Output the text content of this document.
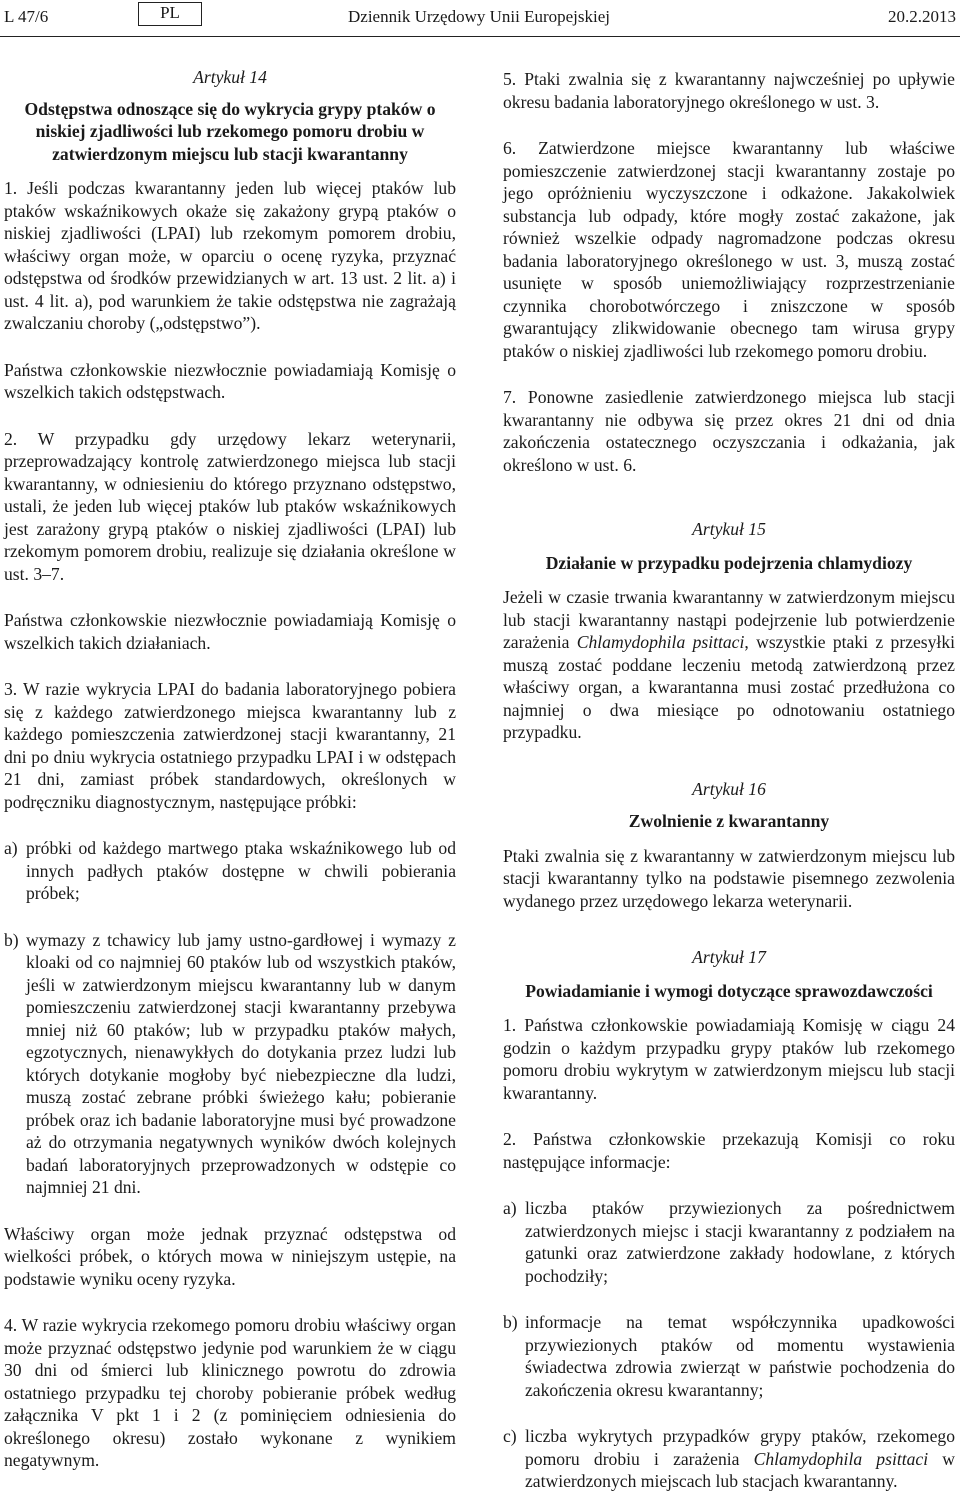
L 47/6	PL	Dziennik Urzędowy Unii Europejskiej	20.2.2013

Artykuł 14

Odstępstwa odnoszące się do wykrycia grypy ptaków o niskiej zjadliwości lub rzekomego pomoru drobiu w zatwierdzonym miejscu lub stacji kwarantanny

1. Jeśli podczas kwarantanny jeden lub więcej ptaków lub ptaków wskaźnikowych okaże się zakażony grypą ptaków o niskiej zjadliwości (LPAI) lub rzekomym pomorem drobiu, właściwy organ może, w oparciu o ocenę ryzyka, przyznać odstępstwa od środków przewidzianych w art. 13 ust. 2 lit. a) i ust. 4 lit. a), pod warunkiem że takie odstępstwa nie zagrażają zwalczaniu choroby („odstępstwo”).

Państwa członkowskie niezwłocznie powiadamiają Komisję o wszelkich takich odstępstwach.

2. W przypadku gdy urzędowy lekarz weterynarii, przeprowadzający kontrolę zatwierdzonego miejsca lub stacji kwarantanny, w odniesieniu do którego przyznano odstępstwo, ustali, że jeden lub więcej ptaków lub ptaków wskaźnikowych jest zarażony grypą ptaków o niskiej zjadliwości (LPAI) lub rzekomym pomorem drobiu, realizuje się działania określone w ust. 3–7.

Państwa członkowskie niezwłocznie powiadamiają Komisję o wszelkich takich działaniach.

3. W razie wykrycia LPAI do badania laboratoryjnego pobiera się z każdego zatwierdzonego miejsca kwarantanny lub z każdego pomieszczenia zatwierdzonej stacji kwarantanny, 21 dni po dniu wykrycia ostatniego przypadku LPAI i w odstępach 21 dni, zamiast próbek standardowych, określonych w podręczniku diagnostycznym, następujące próbki:

a) próbki od każdego martwego ptaka wskaźnikowego lub od innych padłych ptaków dostępne w chwili pobierania próbek;
b) wymazy z tchawicy lub jamy ustno-gardłowej i wymazy z kloaki od co najmniej 60 ptaków lub od wszystkich ptaków, jeśli w zatwierdzonym miejscu kwarantanny lub w danym pomieszczeniu zatwierdzonej stacji kwarantanny przebywa mniej niż 60 ptaków; lub w przypadku ptaków małych, egzotycznych, nienawykłych do dotykania przez ludzi lub których dotykanie mogłoby być niebezpieczne dla ludzi, muszą zostać zebrane próbki świeżego kału; pobieranie próbek oraz ich badanie laboratoryjne musi być prowadzone aż do otrzymania negatywnych wyników dwóch kolejnych badań laboratoryjnych przeprowadzonych w odstępie co najmniej 21 dni.

Właściwy organ może jednak przyznać odstępstwa od wielkości próbek, o których mowa w niniejszym ustępie, na podstawie wyniku oceny ryzyka.

4. W razie wykrycia rzekomego pomoru drobiu właściwy organ może przyznać odstępstwo jedynie pod warunkiem że w ciągu 30 dni od śmierci lub klinicznego powrotu do zdrowia ostatniego przypadku tej choroby pobieranie próbek według załącznika V pkt 1 i 2 (z pominięciem odniesienia do określonego okresu) zostało wykonane z wynikiem negatywnym.

5. Ptaki zwalnia się z kwarantanny najwcześniej po upływie okresu badania laboratoryjnego określonego w ust. 3.

6. Zatwierdzone miejsce kwarantanny lub właściwe pomieszczenie zatwierdzonej stacji kwarantanny zostaje po jego opróżnieniu wyczyszczone i odkażone. Jakakolwiek substancja lub odpady, które mogły zostać zakażone, jak również wszelkie odpady nagromadzone podczas okresu badania laboratoryjnego określonego w ust. 3, muszą zostać usunięte w sposób uniemożliwiający rozprzestrzenianie czynnika chorobotwórczego i zniszczone w sposób gwarantujący zlikwidowanie obecnego tam wirusa grypy ptaków o niskiej zjadliwości lub rzekomego pomoru drobiu.

7. Ponowne zasiedlenie zatwierdzonego miejsca lub stacji kwarantanny nie odbywa się przez okres 21 dni od dnia zakończenia ostatecznego oczyszczania i odkażania, jak określono w ust. 6.

Artykuł 15

Działanie w przypadku podejrzenia chlamydiozy

Jeżeli w czasie trwania kwarantanny w zatwierdzonym miejscu lub stacji kwarantanny nastąpi podejrzenie lub potwierdzenie zarażenia Chlamydophila psittaci, wszystkie ptaki z przesyłki muszą zostać poddane leczeniu metodą zatwierdzoną przez właściwy organ, a kwarantanna musi zostać przedłużona co najmniej o dwa miesiące po odnotowaniu ostatniego przypadku.

Artykuł 16

Zwolnienie z kwarantanny

Ptaki zwalnia się z kwarantanny w zatwierdzonym miejscu lub stacji kwarantanny tylko na podstawie pisemnego zezwolenia wydanego przez urzędowego lekarza weterynarii.

Artykuł 17

Powiadamianie i wymogi dotyczące sprawozdawczości

1. Państwa członkowskie powiadamiają Komisję w ciągu 24 godzin o każdym przypadku grypy ptaków lub rzekomego pomoru drobiu wykrytym w zatwierdzonym miejscu lub stacji kwarantanny.

2. Państwa członkowskie przekazują Komisji co roku następujące informacje:

a) liczba ptaków przywiezionych za pośrednictwem zatwierdzonych miejsc i stacji kwarantanny z podziałem na gatunki oraz zatwierdzone zakłady hodowlane, z których pochodziły;
b) informacje na temat współczynnika upadkowości przywiezionych ptaków od momentu wystawienia świadectwa zdrowia zwierząt w państwie pochodzenia do zakończenia okresu kwarantanny;
c) liczba wykrytych przypadków grypy ptaków, rzekomego pomoru drobiu i zarażenia Chlamydophila psittaci w zatwierdzonych miejscach lub stacjach kwarantanny.
